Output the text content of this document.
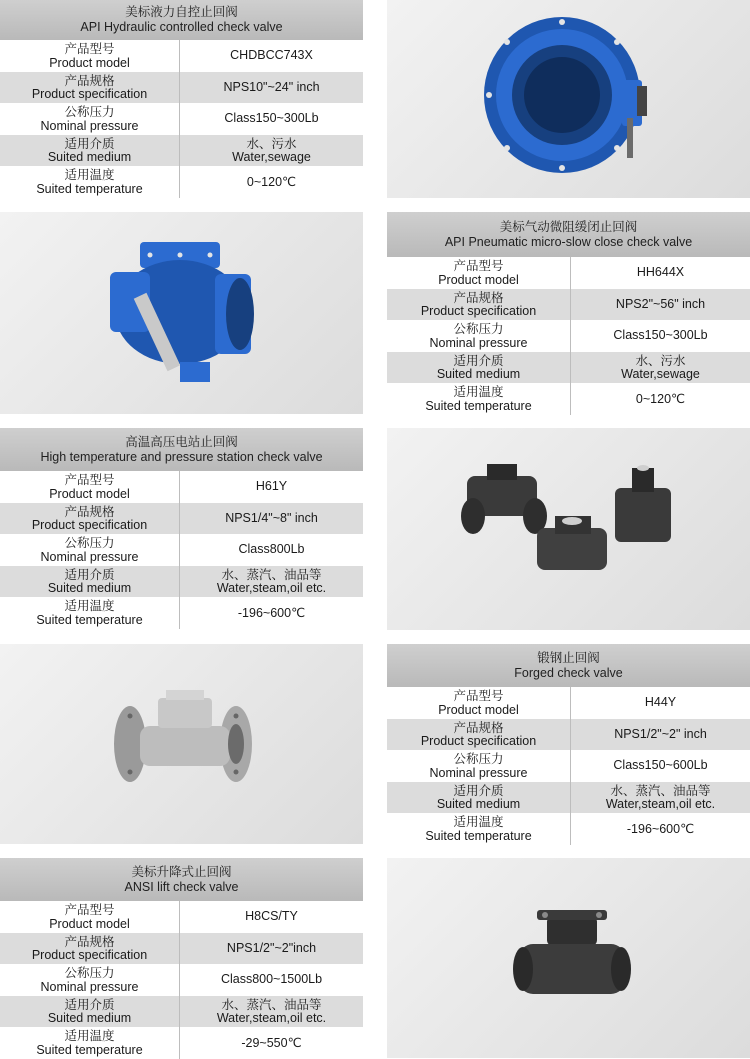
美标液力自控止回阀
API Hydraulic controlled check valve
产品型号
Product model
CHDBCC743X
产品规格
Product specification
NPS10"~24" inch
公称压力
Nominal pressure
Class150~300Lb
适用介质
Suited medium
水、污水
Water,sewage
适用温度
Suited temperature
0~120℃
美标气动微阻缓闭止回阀
API Pneumatic micro-slow close check valve
产品型号
Product model
HH644X
产品规格
Product specification
NPS2"~56" inch
公称压力
Nominal pressure
Class150~300Lb
适用介质
Suited medium
水、污水
Water,sewage
适用温度
Suited temperature
0~120℃
高温高压电站止回阀
High temperature and pressure station check valve
产品型号
Product model
H61Y
产品规格
Product specification
NPS1/4"~8" inch
公称压力
Nominal pressure
Class800Lb
适用介质
Suited medium
水、蒸汽、油品等
Water,steam,oil etc.
适用温度
Suited temperature
-196~600℃
锻钢止回阀
Forged check valve
产品型号
Product model
H44Y
产品规格
Product specification
NPS1/2"~2" inch
公称压力
Nominal pressure
Class150~600Lb
适用介质
Suited medium
水、蒸汽、油品等
Water,steam,oil etc.
适用温度
Suited temperature
-196~600℃
美标升降式止回阀
ANSI lift check valve
产品型号
Product model
H8CS/TY
产品规格
Product specification
NPS1/2"~2"inch
公称压力
Nominal pressure
Class800~1500Lb
适用介质
Suited medium
水、蒸汽、油品等
Water,steam,oil etc.
适用温度
Suited temperature
-29~550℃
